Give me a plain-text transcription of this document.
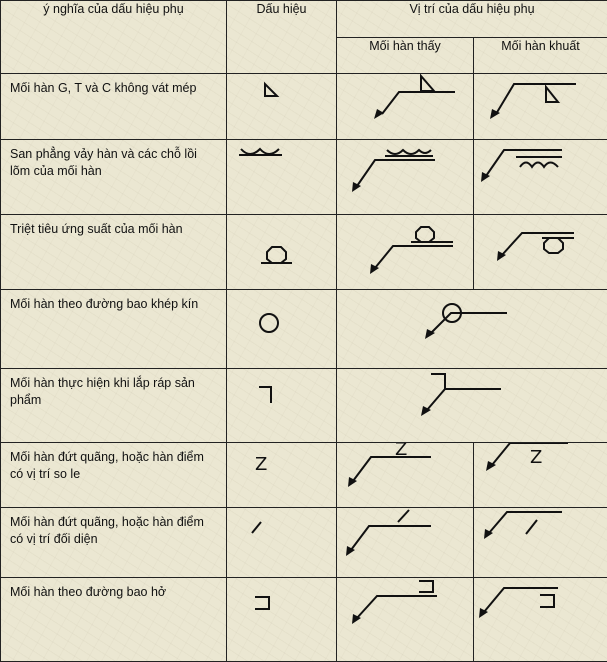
ý nghĩa của dấu hiệu phụ	Dấu hiệu	Vị trí của dấu hiệu phụ	
		Mối hàn thấy	Mối hàn khuất
Mối hàn G, T và C không vát mép	

San phẳng vảy hàn và các chỗ lồi lõm của mối hàn	

Triệt tiêu ứng suất của mối hàn	

Mối hàn theo đường bao khép kín	

Mối hàn thực hiện khi lắp ráp sản phẩm	

Mối hàn đứt quãng, hoặc hàn điểm có vị trí so le	Z	Z	Z

Mối hàn đứt quãng, hoặc hàn điểm có vị trí đối diện	

Mối hàn theo đường bao hở	
